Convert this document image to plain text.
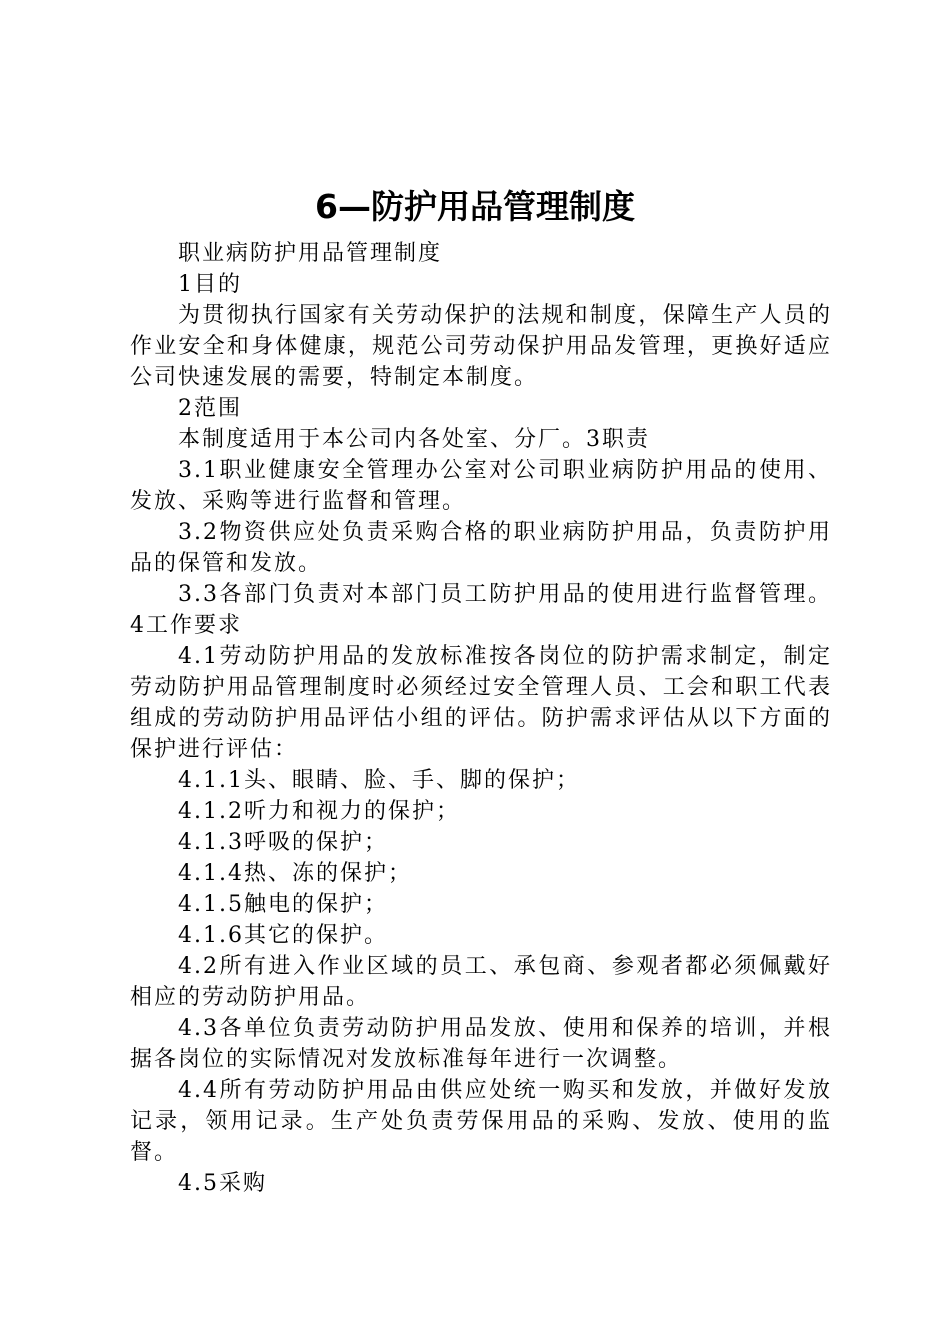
6—防护用品管理制度

职业病防护用品管理制度

1目的

为贯彻执行国家有关劳动保护的法规和制度，保障生产人员的作业安全和身体健康，规范公司劳动保护用品发管理，更换好适应公司快速发展的需要，特制定本制度。

2范围

本制度适用于本公司内各处室、分厂。3职责

3.1职业健康安全管理办公室对公司职业病防护用品的使用、发放、采购等进行监督和管理。

3.2物资供应处负责采购合格的职业病防护用品，负责防护用品的保管和发放。

3.3各部门负责对本部门员工防护用品的使用进行监督管理。4工作要求

4.1劳动防护用品的发放标准按各岗位的防护需求制定，制定劳动防护用品管理制度时必须经过安全管理人员、工会和职工代表组成的劳动防护用品评估小组的评估。防护需求评估从以下方面的保护进行评估：

4.1.1头、眼睛、脸、手、脚的保护；

4.1.2听力和视力的保护；

4.1.3呼吸的保护；

4.1.4热、冻的保护；

4.1.5触电的保护；

4.1.6其它的保护。

4.2所有进入作业区域的员工、承包商、参观者都必须佩戴好相应的劳动防护用品。

4.3各单位负责劳动防护用品发放、使用和保养的培训，并根据各岗位的实际情况对发放标准每年进行一次调整。

4.4所有劳动防护用品由供应处统一购买和发放，并做好发放记录，领用记录。生产处负责劳保用品的采购、发放、使用的监督。

4.5采购
